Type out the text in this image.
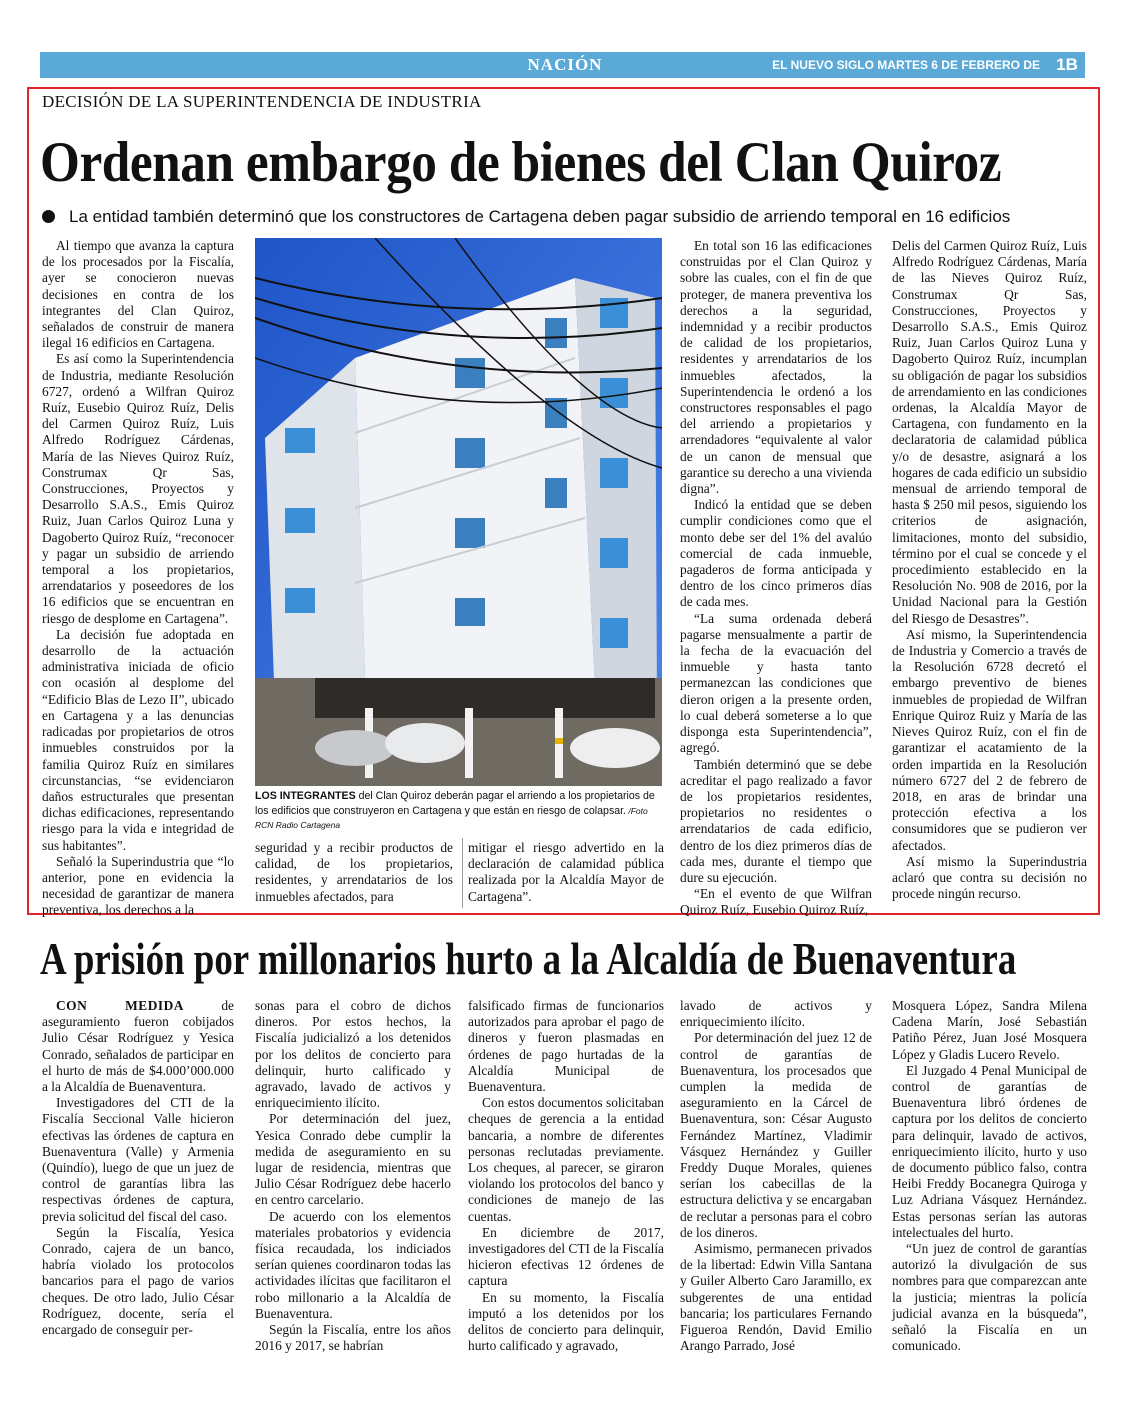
NACIÓN	EL NUEVO SIGLO MARTES 6 DE FEBRERO DE 2018
1B
DECISIÓN DE LA SUPERINTENDENCIA DE INDUSTRIA
Ordenan embargo de bienes del Clan Quiroz
La entidad también determinó que los constructores de Cartagena deben pagar subsidio de arriendo temporal en 16 edificios

Al tiempo que avanza la captura de los procesados por la Fiscalía, ayer se conocieron nuevas decisiones en contra de los integrantes del Clan Quiroz, señalados de construir de manera ilegal 16 edificios en Cartagena.

Es así como la Superintendencia de Industria, mediante Resolución 6727, ordenó a Wilfran Quiroz Ruíz, Eusebio Quiroz Ruíz, Delis del Carmen Quiroz Ruíz, Luis Alfredo Rodríguez Cárdenas, María de las Nieves Quiroz Ruíz, Construmax Qr Sas, Construcciones, Proyectos y Desarrollo S.A.S., Emis Quiroz Ruiz, Juan Carlos Quiroz Luna y Dagoberto Quiroz Ruíz, “reconocer y pagar un subsidio de arriendo temporal a los propietarios, arrendatarios y poseedores de los 16 edificios que se encuentran en riesgo de desplome en Cartagena”.

La decisión fue adoptada en desarrollo de la actuación administrativa iniciada de oficio con ocasión al desplome del “Edificio Blas de Lezo II”, ubicado en Cartagena y a las denuncias radicadas por propietarios de otros inmuebles construidos por la familia Quiroz Ruíz en similares circunstancias, “se evidenciaron daños estructurales que presentan dichas edificaciones, representando riesgo para la vida e integridad de sus habitantes”.

Señaló la Superindustria que “lo anterior, pone en evidencia la necesidad de garantizar de manera preventiva, los derechos a la

LOS INTEGRANTES del Clan Quiroz deberán pagar el arriendo a los propietarios de los edificios que construyeron en Cartagena y que están en riesgo de colapsar. /Foto RCN Radio Cartagena

seguridad y a recibir productos de calidad, de los propietarios, residentes, y arrendatarios de los inmuebles afectados, para

mitigar el riesgo advertido en la declaración de calamidad pública realizada por la Alcaldía Mayor de Cartagena”.

En total son 16 las edificaciones construidas por el Clan Quiroz y sobre las cuales, con el fin de que proteger, de manera preventiva los derechos a la seguridad, indemnidad y a recibir productos de calidad de los propietarios, residentes y arrendatarios de los inmuebles afectados, la Superintendencia le ordenó a los constructores responsables el pago del arriendo a propietarios y arrendadores “equivalente al valor de un canon de mensual que garantice su derecho a una vivienda digna”.

Indicó la entidad que se deben cumplir condiciones como que el monto debe ser del 1% del avalúo comercial de cada inmueble, pagaderos de forma anticipada y dentro de los cinco primeros días de cada mes.

“La suma ordenada deberá pagarse mensualmente a partir de la fecha de la evacuación del inmueble y hasta tanto permanezcan las condiciones que dieron origen a la presente orden, lo cual deberá someterse a lo que disponga esta Superintendencia”, agregó.

También determinó que se debe acreditar el pago realizado a favor de los propietarios residentes, propietarios no residentes o arrendatarios de cada edificio, dentro de los diez primeros días de cada mes, durante el tiempo que dure su ejecución.

“En el evento de que Wilfran Quiroz Ruíz, Eusebio Quiroz Ruíz,

Delis del Carmen Quiroz Ruíz, Luis Alfredo Rodríguez Cárdenas, María de las Nieves Quiroz Ruíz, Construmax Qr Sas, Construcciones, Proyectos y Desarrollo S.A.S., Emis Quiroz Ruiz, Juan Carlos Quiroz Luna y Dagoberto Quiroz Ruíz, incumplan su obligación de pagar los subsidios de arrendamiento en las condiciones ordenas, la Alcaldía Mayor de Cartagena, con fundamento en la declaratoria de calamidad pública y/o de desastre, asignará a los hogares de cada edificio un subsidio mensual de arriendo temporal de hasta $ 250 mil pesos, siguiendo los criterios de asignación, limitaciones, monto del subsidio, término por el cual se concede y el procedimiento establecido en la Resolución No. 908 de 2016, por la Unidad Nacional para la Gestión del Riesgo de Desastres”.

Así mismo, la Superintendencia de Industria y Comercio a través de la Resolución 6728 decretó el embargo preventivo de bienes inmuebles de propiedad de Wilfran Enrique Quiroz Ruiz y María de las Nieves Quiroz Ruíz, con el fin de garantizar el acatamiento de la orden impartida en la Resolución número 6727 del 2 de febrero de 2018, en aras de brindar una protección efectiva a los consumidores que se pudieron ver afectados.

Así mismo la Superindustria aclaró que contra su decisión no procede ningún recurso.

A prisión por millonarios hurto a la Alcaldía de Buenaventura

CON MEDIDA de aseguramiento fueron cobijados Julio César Rodríguez y Yesica Conrado, señalados de participar en el hurto de más de $4.000’000.000 a la Alcaldía de Buenaventura.

Investigadores del CTI de la Fiscalía Seccional Valle hicieron efectivas las órdenes de captura en Buenaventura (Valle) y Armenia (Quindío), luego de que un juez de control de garantías libra las respectivas órdenes de captura, previa solicitud del fiscal del caso.

Según la Fiscalía, Yesica Conrado, cajera de un banco, habría violado los protocolos bancarios para el pago de varios cheques. De otro lado, Julio César Rodríguez, docente, sería el encargado de conseguir per-

sonas para el cobro de dichos dineros. Por estos hechos, la Fiscalía judicializó a los detenidos por los delitos de concierto para delinquir, hurto calificado y agravado, lavado de activos y enriquecimiento ilícito.

Por determinación del juez, Yesica Conrado debe cumplir la medida de aseguramiento en su lugar de residencia, mientras que Julio César Rodríguez debe hacerlo en centro carcelario.

De acuerdo con los elementos materiales probatorios y evidencia física recaudada, los indiciados serían quienes coordinaron todas las actividades ilícitas que facilitaron el robo millonario a la Alcaldía de Buenaventura.

Según la Fiscalía, entre los años 2016 y 2017, se habrían

falsificado firmas de funcionarios autorizados para aprobar el pago de dineros y fueron plasmadas en órdenes de pago hurtadas de la Alcaldía Municipal de Buenaventura.

Con estos documentos solicitaban cheques de gerencia a la entidad bancaria, a nombre de diferentes personas reclutadas previamente. Los cheques, al parecer, se giraron violando los protocolos del banco y condiciones de manejo de las cuentas.

En diciembre de 2017, investigadores del CTI de la Fiscalía hicieron efectivas 12 órdenes de captura

En su momento, la Fiscalía imputó a los detenidos por los delitos de concierto para delinquir, hurto calificado y agravado,

lavado de activos y enriquecimiento ilícito.

Por determinación del juez 12 de control de garantías de Buenaventura, los procesados que cumplen la medida de aseguramiento en la Cárcel de Buenaventura, son: César Augusto Fernández Martínez, Vladimir Vásquez Hernández y Guiller Freddy Duque Morales, quienes serían los cabecillas de la estructura delictiva y se encargaban de reclutar a personas para el cobro de los dineros.

Asimismo, permanecen privados de la libertad: Edwin Villa Santana y Guiler Alberto Caro Jaramillo, ex subgerentes de una entidad bancaria; los particulares Fernando Figueroa Rendón, David Emilio Arango Parrado, José

Mosquera López, Sandra Milena Cadena Marín, José Sebastián Patiño Pérez, Juan José Mosquera López y Gladis Lucero Revelo.

El Juzgado 4 Penal Municipal de control de garantías de Buenaventura libró órdenes de captura por los delitos de concierto para delinquir, lavado de activos, enriquecimiento ilícito, hurto y uso de documento público falso, contra Heibi Freddy Bocanegra Quiroga y Luz Adriana Vásquez Hernández. Estas personas serían las autoras intelectuales del hurto.

“Un juez de control de garantías autorizó la divulgación de sus nombres para que comparezcan ante la justicia; mientras la policía judicial avanza en la búsqueda”, señaló la Fiscalía en un comunicado.
